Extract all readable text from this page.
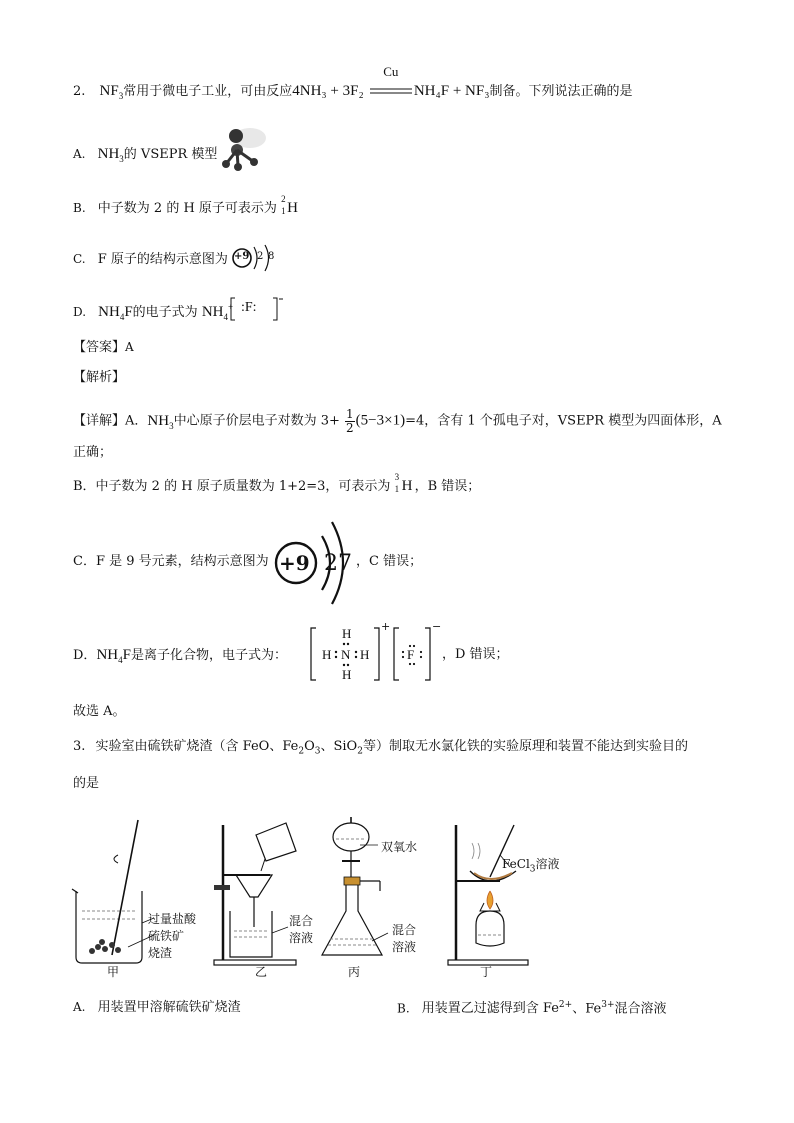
2. $NF_3$常用于微电子工业，可由反应4NH₃ + 3F₂
Cu
NH₄F + NF₃制备。下列说法正确的是
A. $NH_3$的 VSEPR 模型
B. 中子数为 2 的 H 原子可表示为
2
1 H
C. F 原子的结构示意图为 +9 2 8
D. $NH_4F$的电子式为 $NH_4^+$ :F:
【答案】A
【解析】
【详解】A．$NH_3$中心原子价层电子对数为 $3+ \frac{1}{2} (5-3\times 1)=4$，含有 1 个孤电子对，VSEPR 模型为四面体形，A
正确；
B．中子数为 2 的 H 原子质量数为 1+2=3，可表示为
3
1 H ，B 错误；
C．F 是 9 号元素，结构示意图为 +9 2 7 ，C 错误；
D．$NH_4F$是离子化合物，电子式为：
H
H N H
H
+
F
−
，D 错误；
故选 A。
3. 实验室由硫铁矿烧渣（含 FeO、$Fe_2O_3$、SiO$_2$等）制取无水氯化铁的实验原理和装置不能达到实验目的
的是
过量盐酸
硫铁矿
烧渣
甲
混合
溶液
乙
双氧水
混合
溶液
丙
FeCl$_3$溶液
丁
A. 用装置甲溶解硫铁矿烧渣	B. 用装置乙过滤得到含 $Fe^{2+}$、$Fe^{3+}$混合溶液
